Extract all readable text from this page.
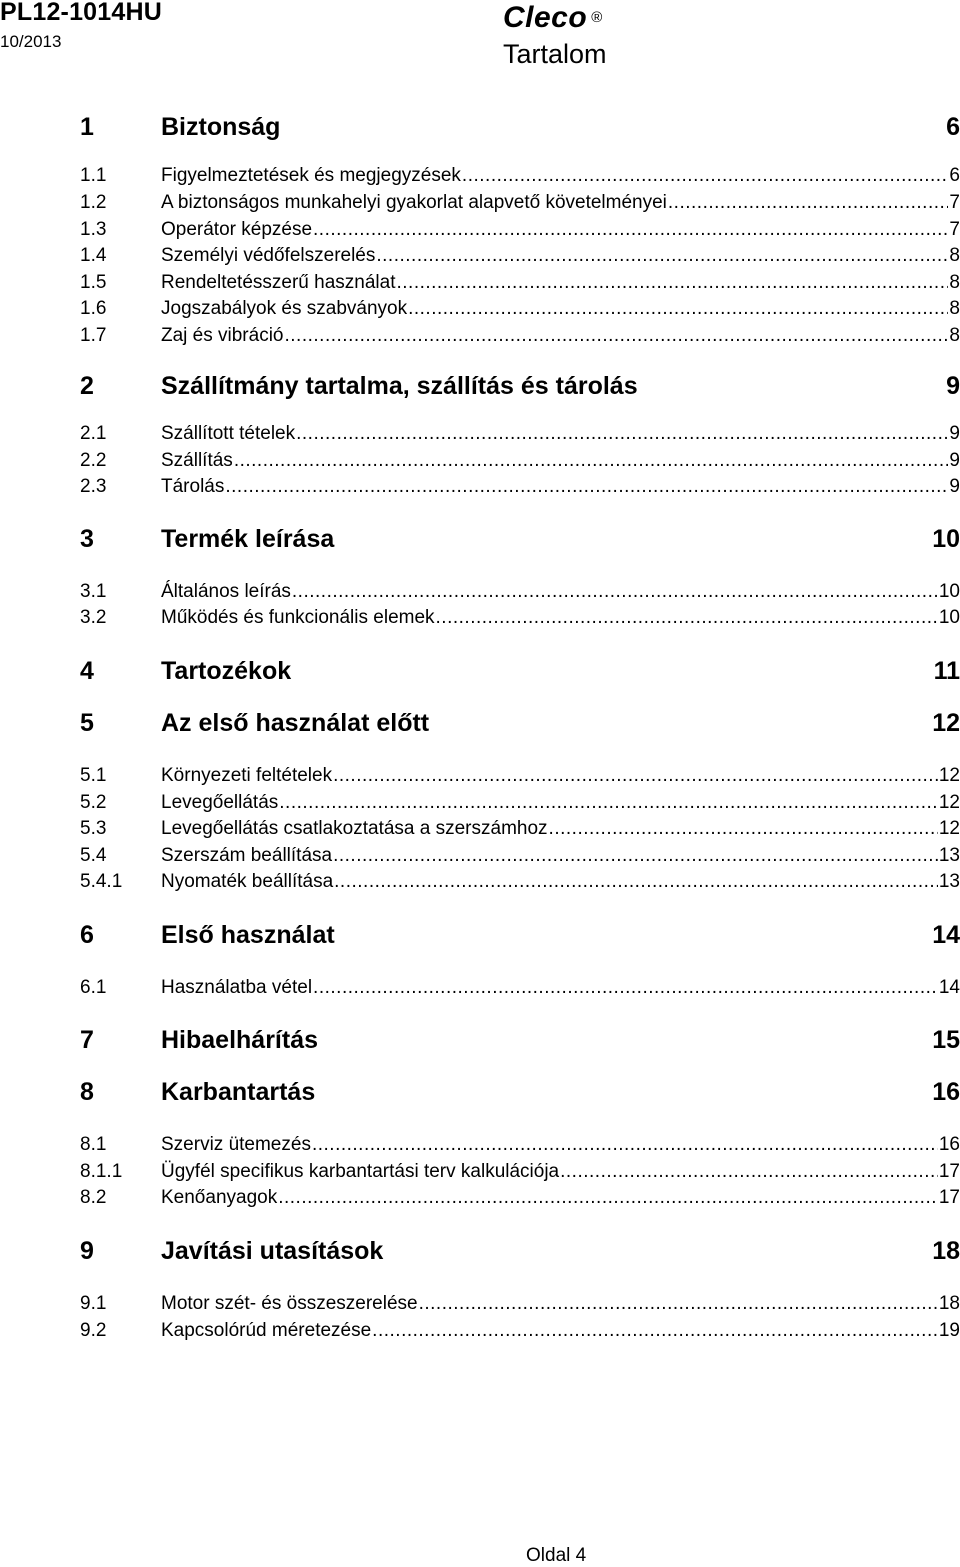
PL12-1014HU
10/2013
Cleco ®
Tartalom
1	Biztonság	6
1.1	Figyelmeztetések és megjegyzések .....	6
1.2	A biztonságos munkahelyi gyakorlat alapvető követelményei .....	7
1.3	Operátor képzése .....	7
1.4	Személyi védőfelszerelés .....	8
1.5	Rendeltetésszerű használat .....	8
1.6	Jogszabályok és szabványok .....	8
1.7	Zaj és vibráció .....	8
2	Szállítmány tartalma, szállítás és tárolás	9
2.1	Szállított tételek .....	9
2.2	Szállítás .....	9
2.3	Tárolás .....	9
3	Termék leírása	10
3.1	Általános leírás .....	10
3.2	Működés és funkcionális elemek .....	10
4	Tartozékok	11
5	Az első használat előtt	12
5.1	Környezeti feltételek .....	12
5.2	Levegőellátás .....	12
5.3	Levegőellátás csatlakoztatása a szerszámhoz .....	12
5.4	Szerszám beállítása .....	13
5.4.1	Nyomaték beállítása .....	13
6	Első használat	14
6.1	Használatba vétel .....	14
7	Hibaelhárítás	15
8	Karbantartás	16
8.1	Szerviz ütemezés .....	16
8.1.1	Ügyfél specifikus karbantartási terv kalkulációja .....	17
8.2	Kenőanyagok .....	17
9	Javítási utasítások	18
9.1	Motor szét- és összeszerelése .....	18
9.2	Kapcsolórúd méretezése .....	19
Oldal 4
